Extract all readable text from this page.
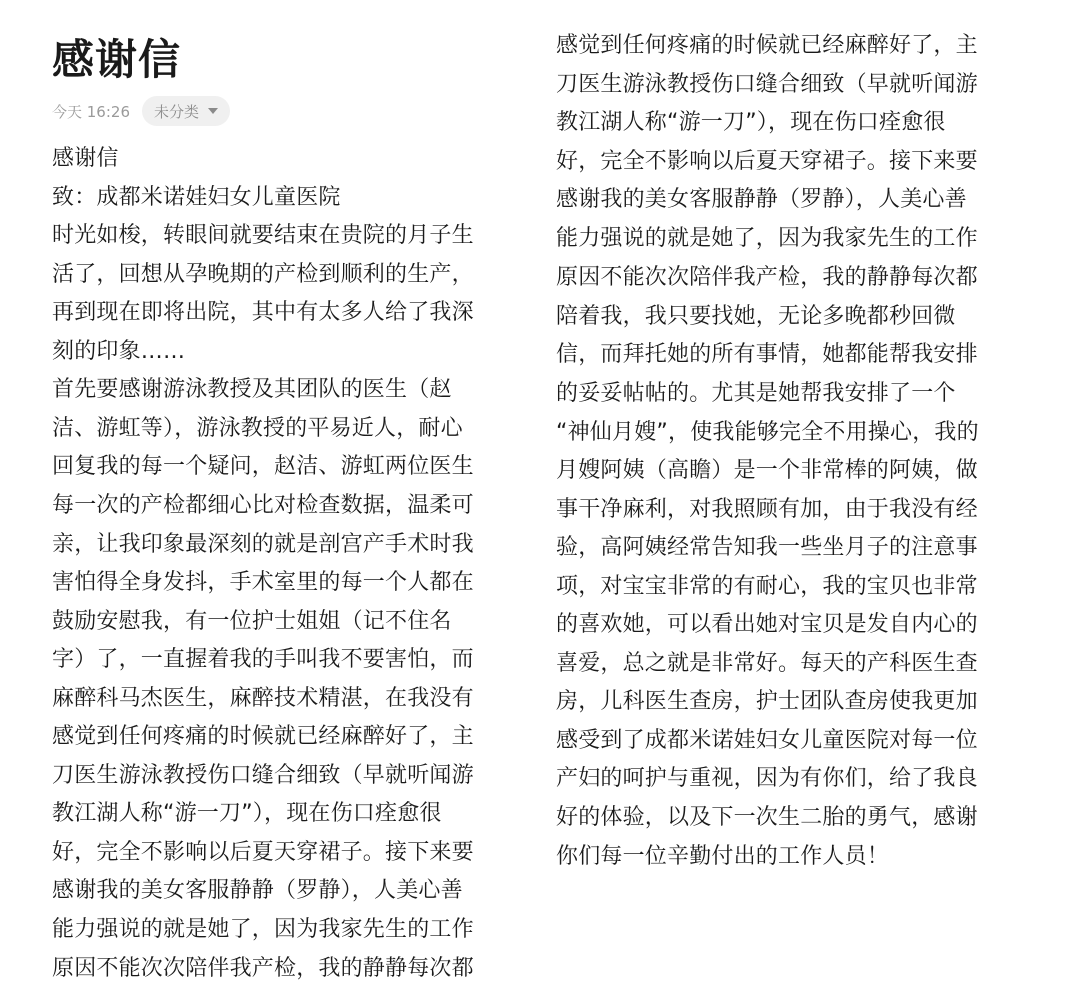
感谢信
今天 16:26 未分类
感谢信
致：成都米诺娃妇女儿童医院
时光如梭，转眼间就要结束在贵院的月子生
活了，回想从孕晚期的产检到顺利的生产，
再到现在即将出院，其中有太多人给了我深
刻的印象……
首先要感谢游泳教授及其团队的医生（赵
洁、游虹等），游泳教授的平易近人，耐心
回复我的每一个疑问，赵洁、游虹两位医生
每一次的产检都细心比对检查数据，温柔可
亲，让我印象最深刻的就是剖宫产手术时我
害怕得全身发抖，手术室里的每一个人都在
鼓励安慰我，有一位护士姐姐（记不住名
字）了，一直握着我的手叫我不要害怕，而
麻醉科马杰医生，麻醉技术精湛，在我没有
感觉到任何疼痛的时候就已经麻醉好了，主
刀医生游泳教授伤口缝合细致（早就听闻游
教江湖人称“游一刀”），现在伤口痊愈很
好，完全不影响以后夏天穿裙子。接下来要
感谢我的美女客服静静（罗静），人美心善
能力强说的就是她了，因为我家先生的工作
原因不能次次陪伴我产检，我的静静每次都
感觉到任何疼痛的时候就已经麻醉好了，主
刀医生游泳教授伤口缝合细致（早就听闻游
教江湖人称“游一刀”），现在伤口痊愈很
好，完全不影响以后夏天穿裙子。接下来要
感谢我的美女客服静静（罗静），人美心善
能力强说的就是她了，因为我家先生的工作
原因不能次次陪伴我产检，我的静静每次都
陪着我，我只要找她，无论多晚都秒回微
信，而拜托她的所有事情，她都能帮我安排
的妥妥帖帖的。尤其是她帮我安排了一个
“神仙月嫂”，使我能够完全不用操心，我的
月嫂阿姨（高瞻）是一个非常棒的阿姨，做
事干净麻利，对我照顾有加，由于我没有经
验，高阿姨经常告知我一些坐月子的注意事
项，对宝宝非常的有耐心，我的宝贝也非常
的喜欢她，可以看出她对宝贝是发自内心的
喜爱，总之就是非常好。每天的产科医生查
房，儿科医生查房，护士团队查房使我更加
感受到了成都米诺娃妇女儿童医院对每一位
产妇的呵护与重视，因为有你们，给了我良
好的体验，以及下一次生二胎的勇气，感谢
你们每一位辛勤付出的工作人员！
